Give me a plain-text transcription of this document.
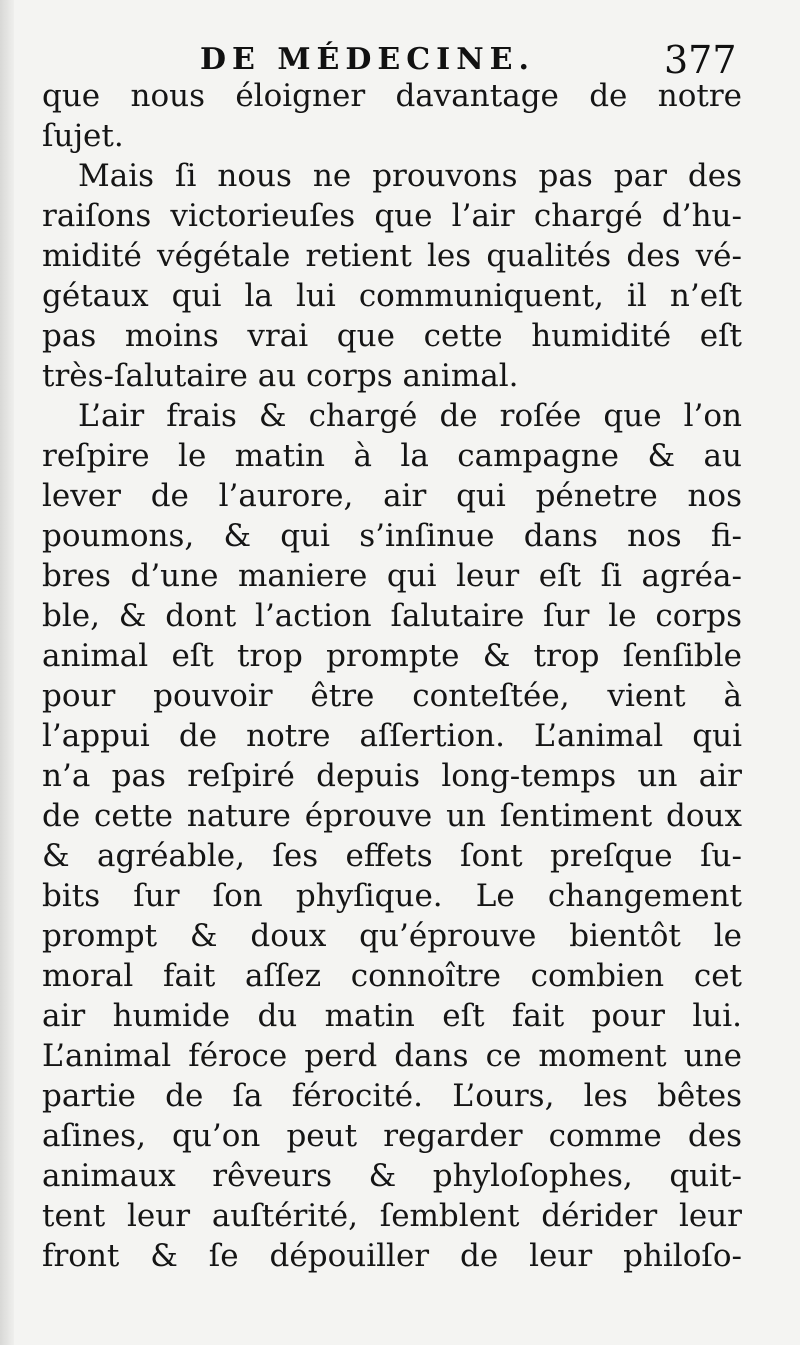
DE MÉDECINE.	377
que nous éloigner davantage de notre
ſujet.
Mais ſi nous ne prouvons pas par des
raiſons victorieuſes que l’air chargé d’hu-
midité végétale retient les qualités des vé-
gétaux qui la lui communiquent, il n’eſt
pas moins vrai que cette humidité eſt
très-ſalutaire au corps animal.
L’air frais & chargé de roſée que l’on
reſpire le matin à la campagne & au
lever de l’aurore, air qui pénetre nos
poumons, & qui s’inſinue dans nos fi-
bres d’une maniere qui leur eſt ſi agréa-
ble, & dont l’action ſalutaire ſur le corps
animal eſt trop prompte & trop ſenſible
pour pouvoir être conteſtée, vient à
l’appui de notre aſſertion. L’animal qui
n’a pas reſpiré depuis long-temps un air
de cette nature éprouve un ſentiment doux
& agréable, ſes effets ſont preſque ſu-
bits ſur ſon phyſique. Le changement
prompt & doux qu’éprouve bientôt le
moral fait aſſez connoître combien cet
air humide du matin eſt fait pour lui.
L’animal féroce perd dans ce moment une
partie de ſa férocité. L’ours, les bêtes
aſines, qu’on peut regarder comme des
animaux rêveurs & phyloſophes, quit-
tent leur auſtérité, ſemblent dérider leur
front & ſe dépouiller de leur philoſo-
